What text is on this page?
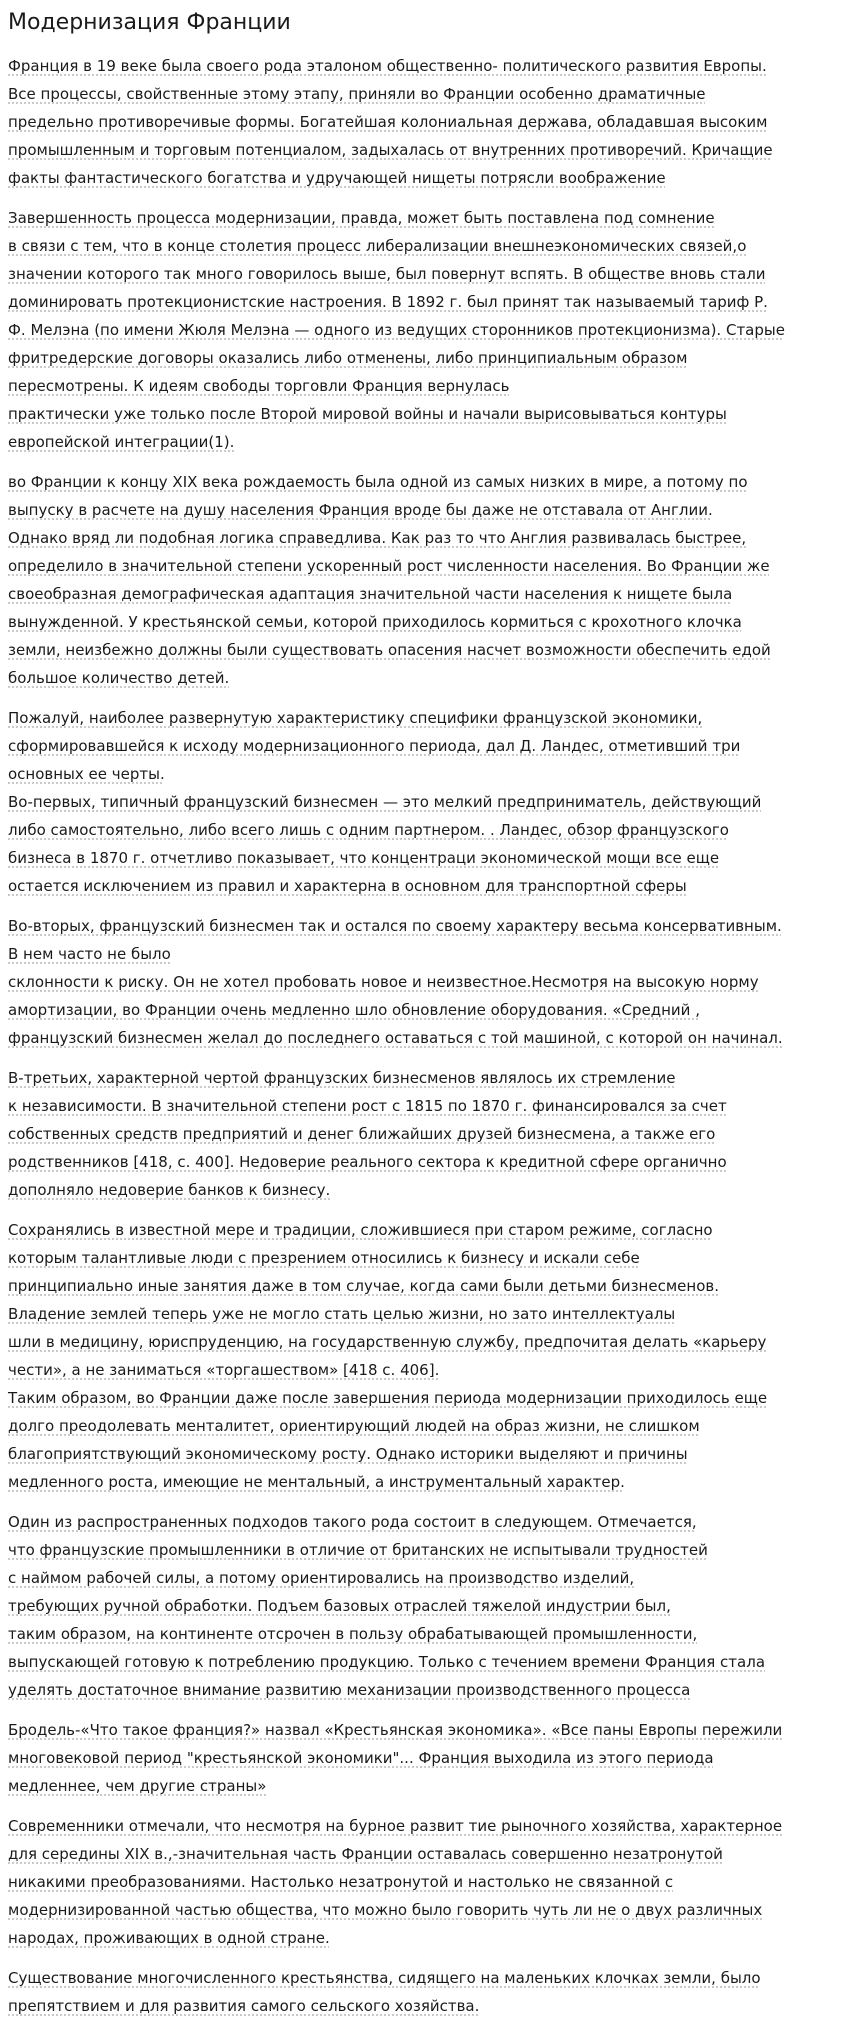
Модернизация Франции
Франция в 19 веке была своего рода эталоном общественно- политического развития Европы.
Все процессы, свойственные этому этапу, приняли во Франции особенно драматичные
предельно противоречивые формы. Богатейшая колониальная держава, обладавшая высоким
промышленным и торговым потенциалом, задыхалась от внутренних противоречий. Кричащие
факты фантастического богатства и удручающей нищеты потрясли воображение
Завершенность процесса модернизации, правда, может быть поставлена под сомнение
в связи с тем, что в конце столетия процесс либерализации внешнеэкономических связей,о
значении которого так много говорилось выше, был повернут вспять. В обществе вновь стали
доминировать протекционистские настроения. В 1892 г. был принят так называемый тариф Р.
Ф. Мелэна (по имени Жюля Мелэна — одного из ведущих сторонников протекционизма). Старые
фритредерские договоры оказались либо отменены, либо принципиальным образом
пересмотрены. К идеям свободы торговли Франция вернулась
практически уже только после Второй мировой войны и начали вырисовываться контуры
европейской интеграции(1).
во Франции к концу XIX века рождаемость была одной из самых низких в мире, а потому по
выпуску в расчете на душу населения Франция вроде бы даже не отставала от Англии.
Однако вряд ли подобная логика справедлива. Как раз то что Англия развивалась быстрее,
определило в значительной степени ускоренный рост численности населения. Во Франции же
своеобразная демографическая адаптация значительной части населения к нищете была
вынужденной. У крестьянской семьи, которой приходилось кормиться с крохотного клочка
земли, неизбежно должны были существовать опасения насчет возможности обеспечить едой
большое количество детей.
Пожалуй, наиболее развернутую характеристику специфики французской экономики,
сформировавшейся к исходу модернизационного периода, дал Д. Ландес, отметивший три
основных ее черты.
Во-первых, типичный французский бизнесмен — это мелкий предприниматель, действующий
либо самостоятельно, либо всего лишь с одним партнером. . Ландес, обзор французского
бизнеса в 1870 г. отчетливо показывает, что концентраци экономической мощи все еще
остается исключением из правил и характерна в основном для транспортной сферы
Во-вторых, французский бизнесмен так и остался по своему характеру весьма консервативным.
В нем часто не было
склонности к риску. Он не хотел пробовать новое и неизвестное.Несмотря на высокую норму
амортизации, во Франции очень медленно шло обновление оборудования. «Средний ,
французский бизнесмен желал до последнего оставаться с той машиной, с которой он начинал.
В-третьих, характерной чертой французских бизнесменов являлось их стремление
к независимости. В значительной степени рост с 1815 по 1870 г. финансировался за счет
собственных средств предприятий и денег ближайших друзей бизнесмена, а также его
родственников [418, с. 400]. Недоверие реального сектора к кредитной сфере органично
дополняло недоверие банков к бизнесу.
Сохранялись в известной мере и традиции, сложившиеся при старом режиме, согласно
которым талантливые люди с презрением относились к бизнесу и искали себе
принципиально иные занятия даже в том случае, когда сами были детьми бизнесменов.
Владение землей теперь уже не могло стать целью жизни, но зато интеллектуалы
шли в медицину, юриспруденцию, на государственную службу, предпочитая делать «карьеру
чести», а не заниматься «торгашеством» [418 с. 406].
Таким образом, во Франции даже после завершения периода модернизации приходилось еще
долго преодолевать менталитет, ориентирующий людей на образ жизни, не слишком
благоприятствующий экономическому росту. Однако историки выделяют и причины
медленного роста, имеющие не ментальный, а инструментальный характер.
Один из распространенных подходов такого рода состоит в следующем. Отмечается,
что французские промышленники в отличие от британских не испытывали трудностей
с наймом рабочей силы, а потому ориентировались на производство изделий,
требующих ручной обработки. Подъем базовых отраслей тяжелой индустрии был,
таким образом, на континенте отсрочен в пользу обрабатывающей промышленности,
выпускающей готовую к потреблению продукцию. Только с течением времени Франция стала
уделять достаточное внимание развитию механизации производственного процесса
Бродель-«Что такое франция?» назвал «Крестьянская экономика». «Все паны Европы пережили
многовековой период "крестьянской экономики"... Франция выходила из этого периода
медленнее, чем другие страны»
Современники отмечали, что несмотря на бурное развит тие рыночного хозяйства, характерное
для середины XIX в.,-значительная часть Франции оставалась совершенно незатронутой
никакими преобразованиями. Настолько незатронутой и настолько не связанной с
модернизированной частью общества, что можно было говорить чуть ли не о двух различных
народах, проживающих в одной стране.
Существование многочисленного крестьянства, сидящего на маленьких клочках земли, было
препятствием и для развития самого сельского хозяйства.
